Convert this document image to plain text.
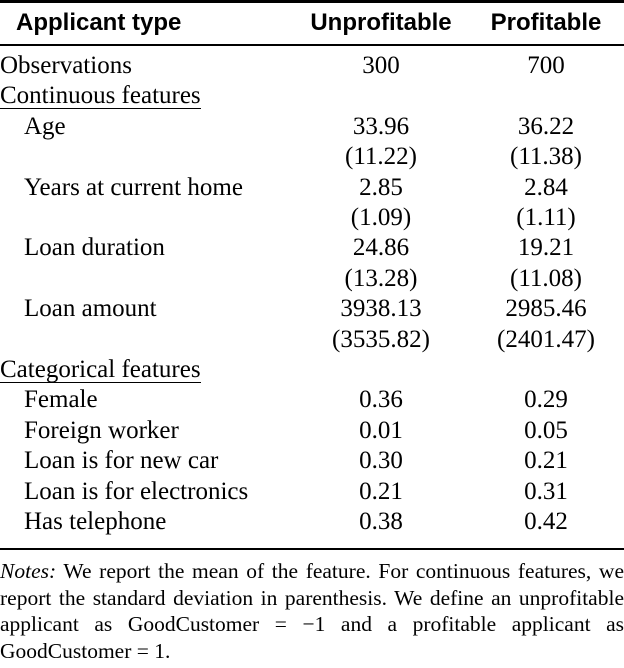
Applicant type	Unprofitable	Profitable

Observations	300	700
Continuous features		
Age	33.96	36.22
	(11.22)	(11.38)
Years at current home	2.85	2.84
	(1.09)	(1.11)
Loan duration	24.86	19.21
	(13.28)	(11.08)
Loan amount	3938.13	2985.46
	(3535.82)	(2401.47)
Categorical features		
Female	0.36	0.29
Foreign worker	0.01	0.05
Loan is for new car	0.30	0.21
Loan is for electronics	0.21	0.31
Has telephone	0.38	0.42
Notes: We report the mean of the feature. For continuous features, we report the standard deviation in parenthesis. We define an unprofitable applicant as GoodCustomer = −1 and a profitable applicant as GoodCustomer = 1.
